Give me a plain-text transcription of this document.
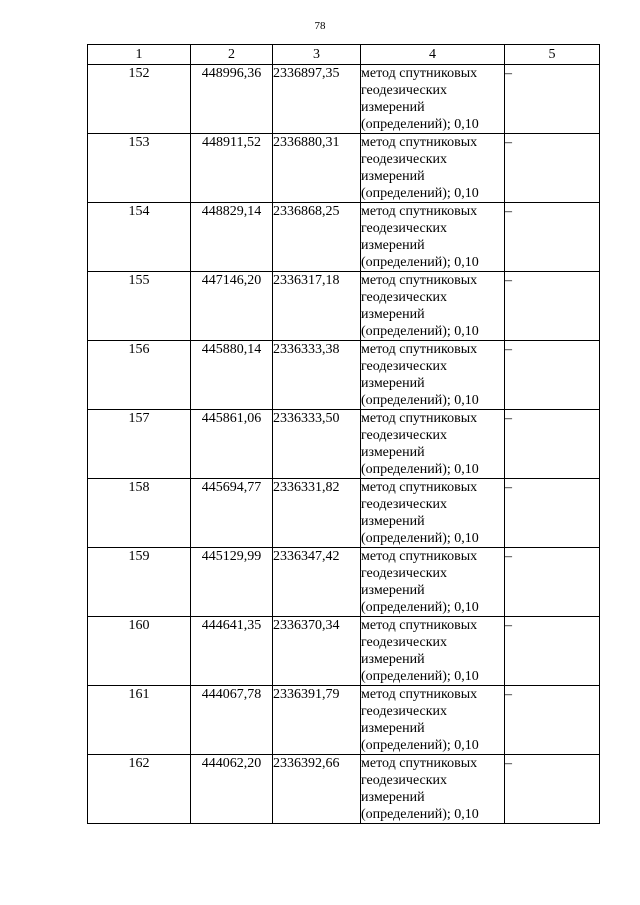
78
1	2	3	4	5
152	448996,36	2336897,35	метод спутниковых
геодезических
измерений
(определений); 0,10	–
153	448911,52	2336880,31	метод спутниковых
геодезических
измерений
(определений); 0,10	–
154	448829,14	2336868,25	метод спутниковых
геодезических
измерений
(определений); 0,10	–
155	447146,20	2336317,18	метод спутниковых
геодезических
измерений
(определений); 0,10	–
156	445880,14	2336333,38	метод спутниковых
геодезических
измерений
(определений); 0,10	–
157	445861,06	2336333,50	метод спутниковых
геодезических
измерений
(определений); 0,10	–
158	445694,77	2336331,82	метод спутниковых
геодезических
измерений
(определений); 0,10	–
159	445129,99	2336347,42	метод спутниковых
геодезических
измерений
(определений); 0,10	–
160	444641,35	2336370,34	метод спутниковых
геодезических
измерений
(определений); 0,10	–
161	444067,78	2336391,79	метод спутниковых
геодезических
измерений
(определений); 0,10	–
162	444062,20	2336392,66	метод спутниковых
геодезических
измерений
(определений); 0,10	–
